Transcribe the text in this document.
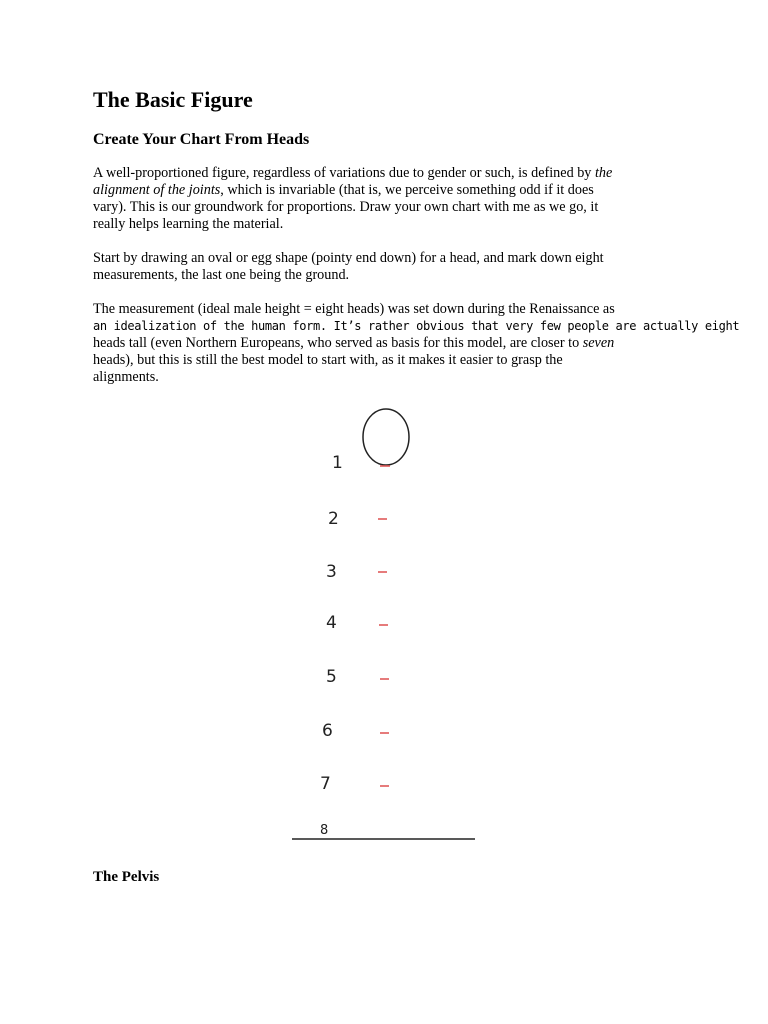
The Basic Figure
Create Your Chart From Heads

A well-proportioned figure, regardless of variations due to gender or such, is defined by the
alignment of the joints, which is invariable (that is, we perceive something odd if it does
vary). This is our groundwork for proportions. Draw your own chart with me as we go, it
really helps learning the material.

Start by drawing an oval or egg shape (pointy end down) for a head, and mark down eight
measurements, the last one being the ground.

The measurement (ideal male height = eight heads) was set down during the Renaissance as
an idealization of the human form. It’s rather obvious that very few people are actually eight
heads tall (even Northern Europeans, who served as basis for this model, are closer to seven
heads), but this is still the best model to start with, as it makes it easier to grasp the
alignments.

1
2
3
4
5
6
7
8
The Pelvis
